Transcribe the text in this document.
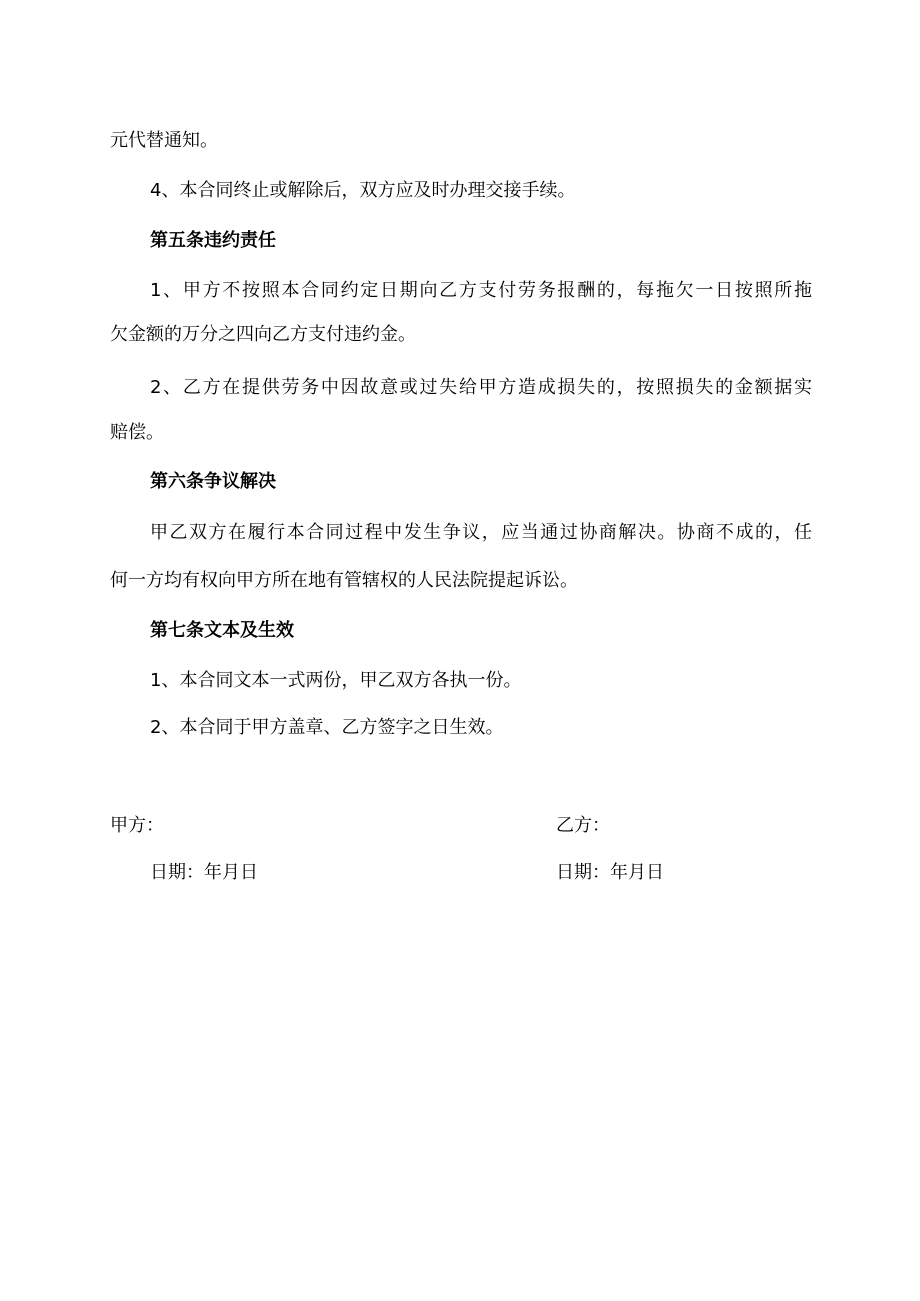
元代替通知。
4、本合同终止或解除后，双方应及时办理交接手续。
第五条违约责任
1、甲方不按照本合同约定日期向乙方支付劳务报酬的，每拖欠一日按照所拖
欠金额的万分之四向乙方支付违约金。
2、乙方在提供劳务中因故意或过失给甲方造成损失的，按照损失的金额据实
赔偿。
第六条争议解决
甲乙双方在履行本合同过程中发生争议，应当通过协商解决。协商不成的，任
何一方均有权向甲方所在地有管辖权的人民法院提起诉讼。
第七条文本及生效
1、本合同文本一式两份，甲乙双方各执一份。
2、本合同于甲方盖章、乙方签字之日生效。
甲方：	乙方：
日期：年月日	日期：年月日
